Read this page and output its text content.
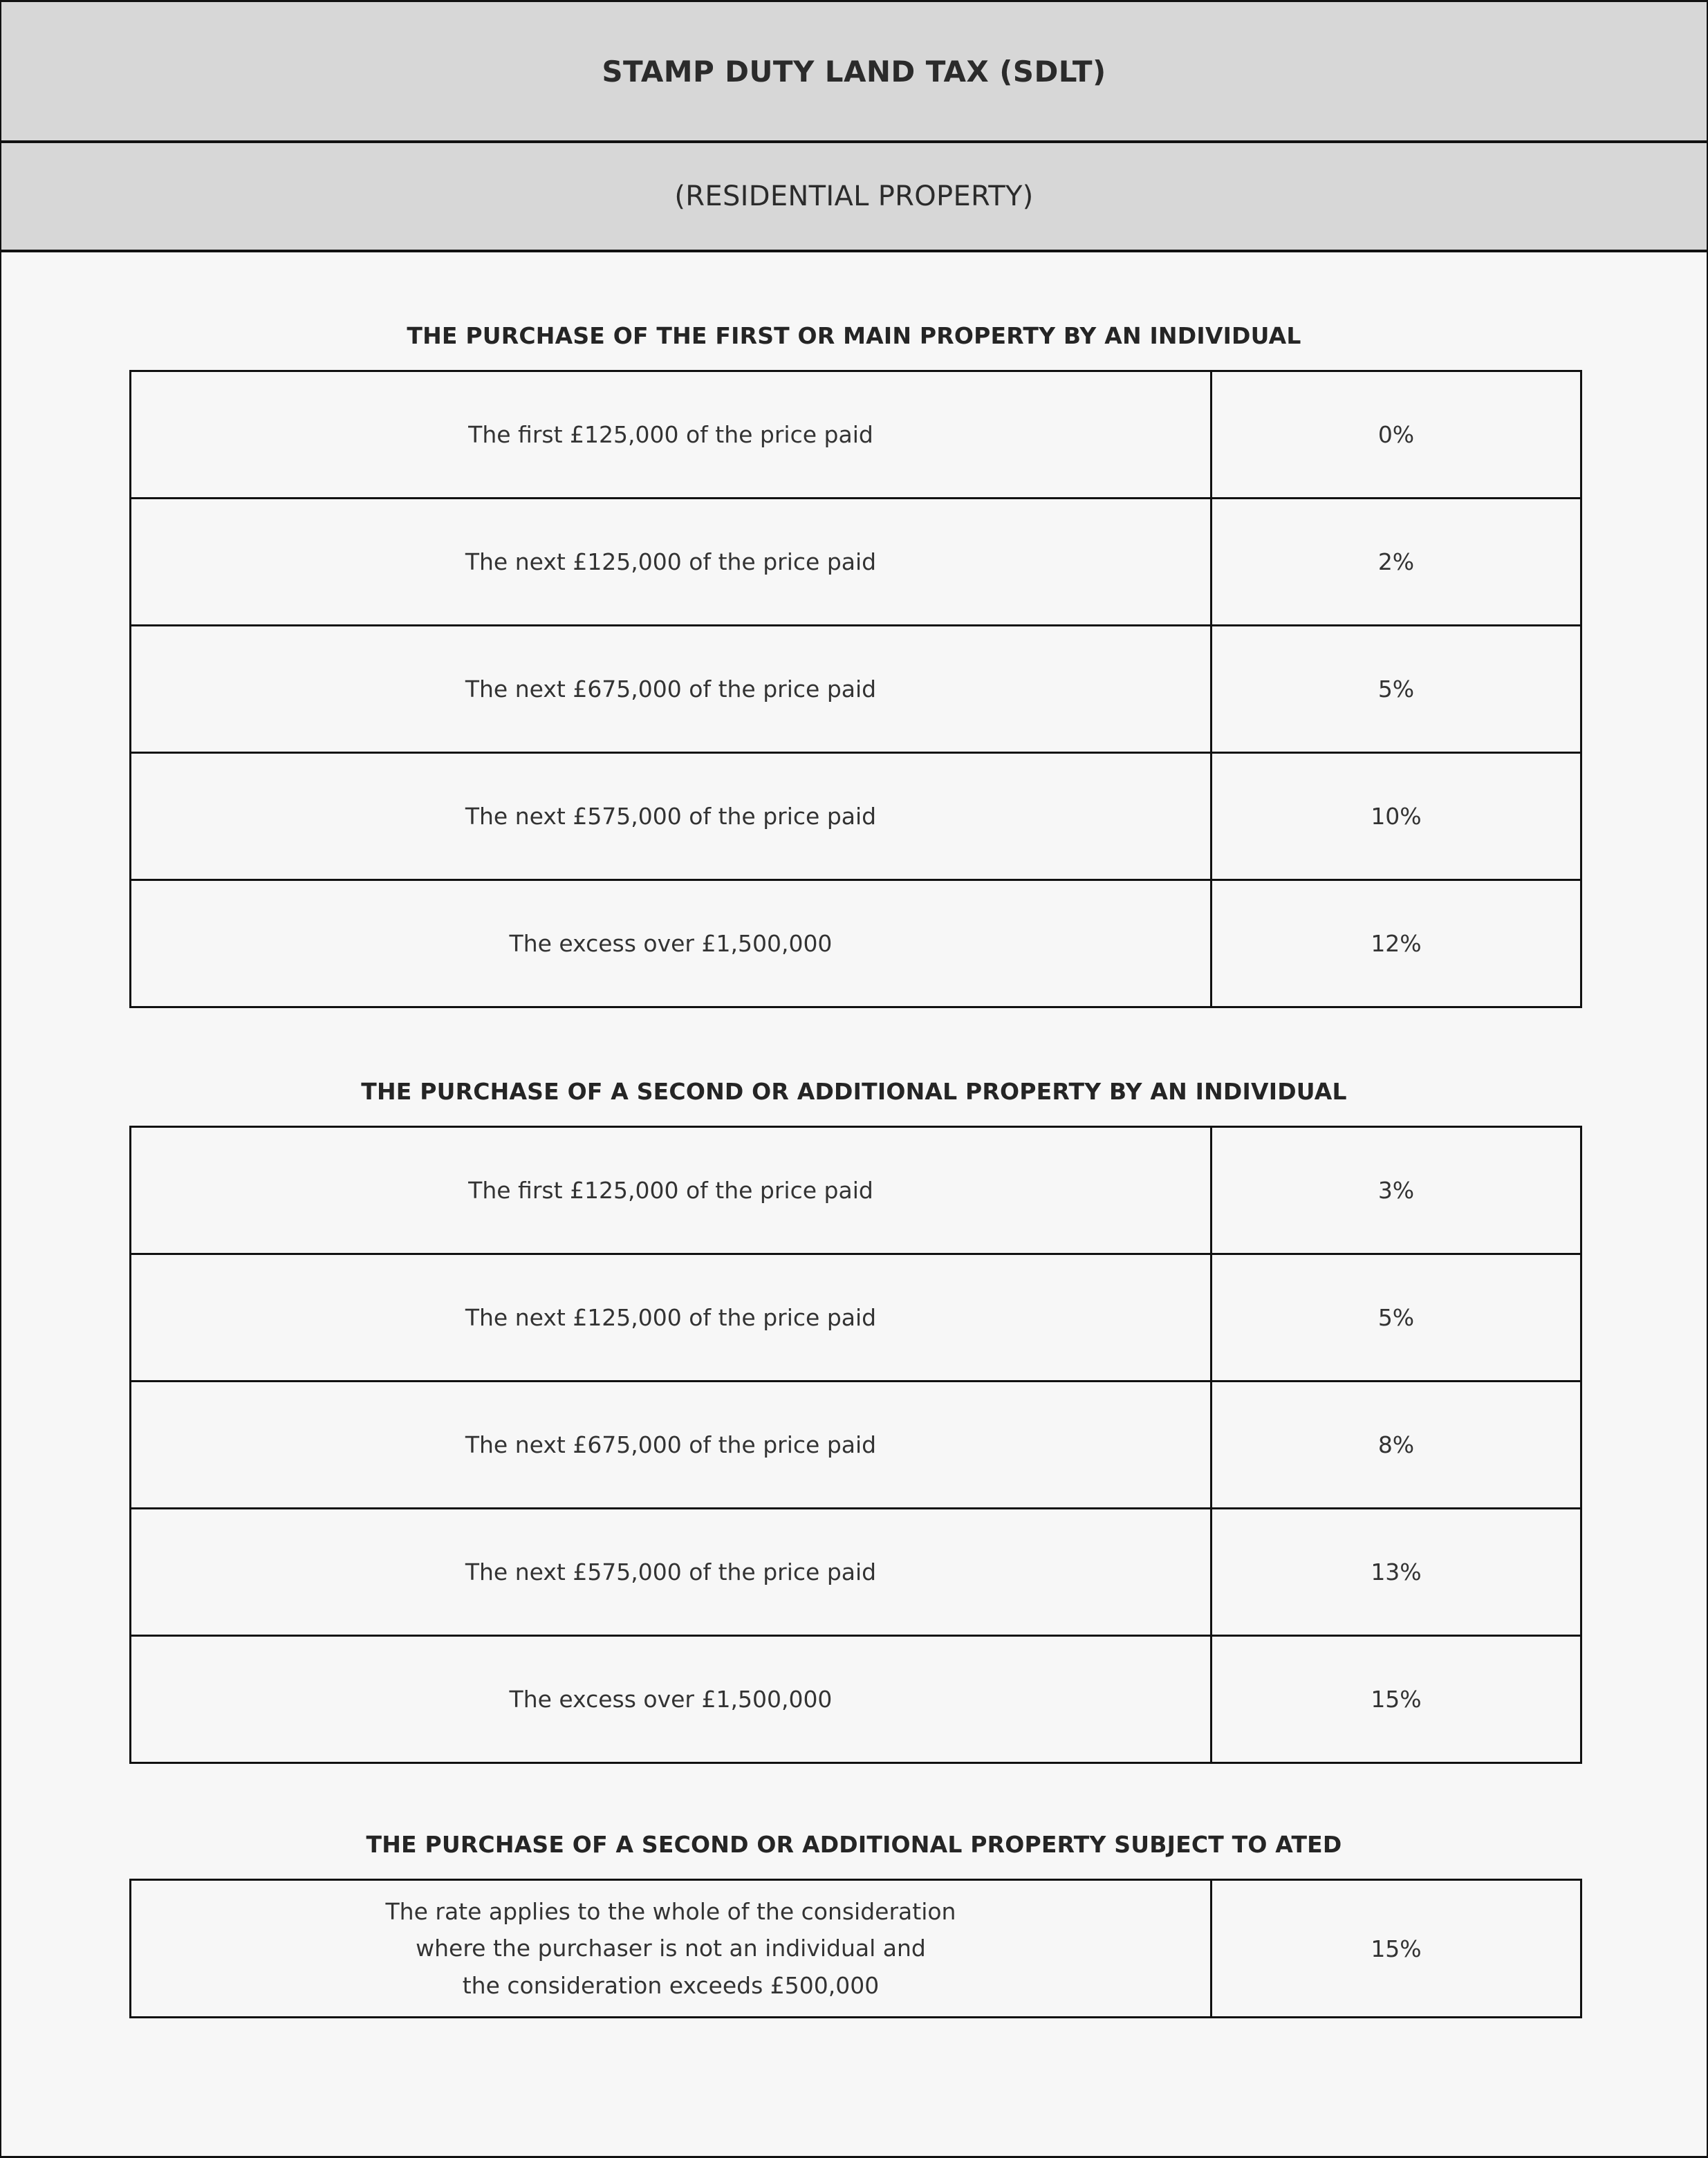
STAMP DUTY LAND TAX (SDLT)
(RESIDENTIAL PROPERTY)
THE PURCHASE OF THE FIRST OR MAIN PROPERTY BY AN INDIVIDUAL
The first £125,000 of the price paid	0%
The next £125,000 of the price paid	2%
The next £675,000 of the price paid	5%
The next £575,000 of the price paid	10%
The excess over £1,500,000	12%
THE PURCHASE OF A SECOND OR ADDITIONAL PROPERTY BY AN INDIVIDUAL
The first £125,000 of the price paid	3%
The next £125,000 of the price paid	5%
The next £675,000 of the price paid	8%
The next £575,000 of the price paid	13%
The excess over £1,500,000	15%
THE PURCHASE OF A SECOND OR ADDITIONAL PROPERTY SUBJECT TO ATED
The rate applies to the whole of the consideration
where the purchaser is not an individual and
the consideration exceeds £500,000
	15%
